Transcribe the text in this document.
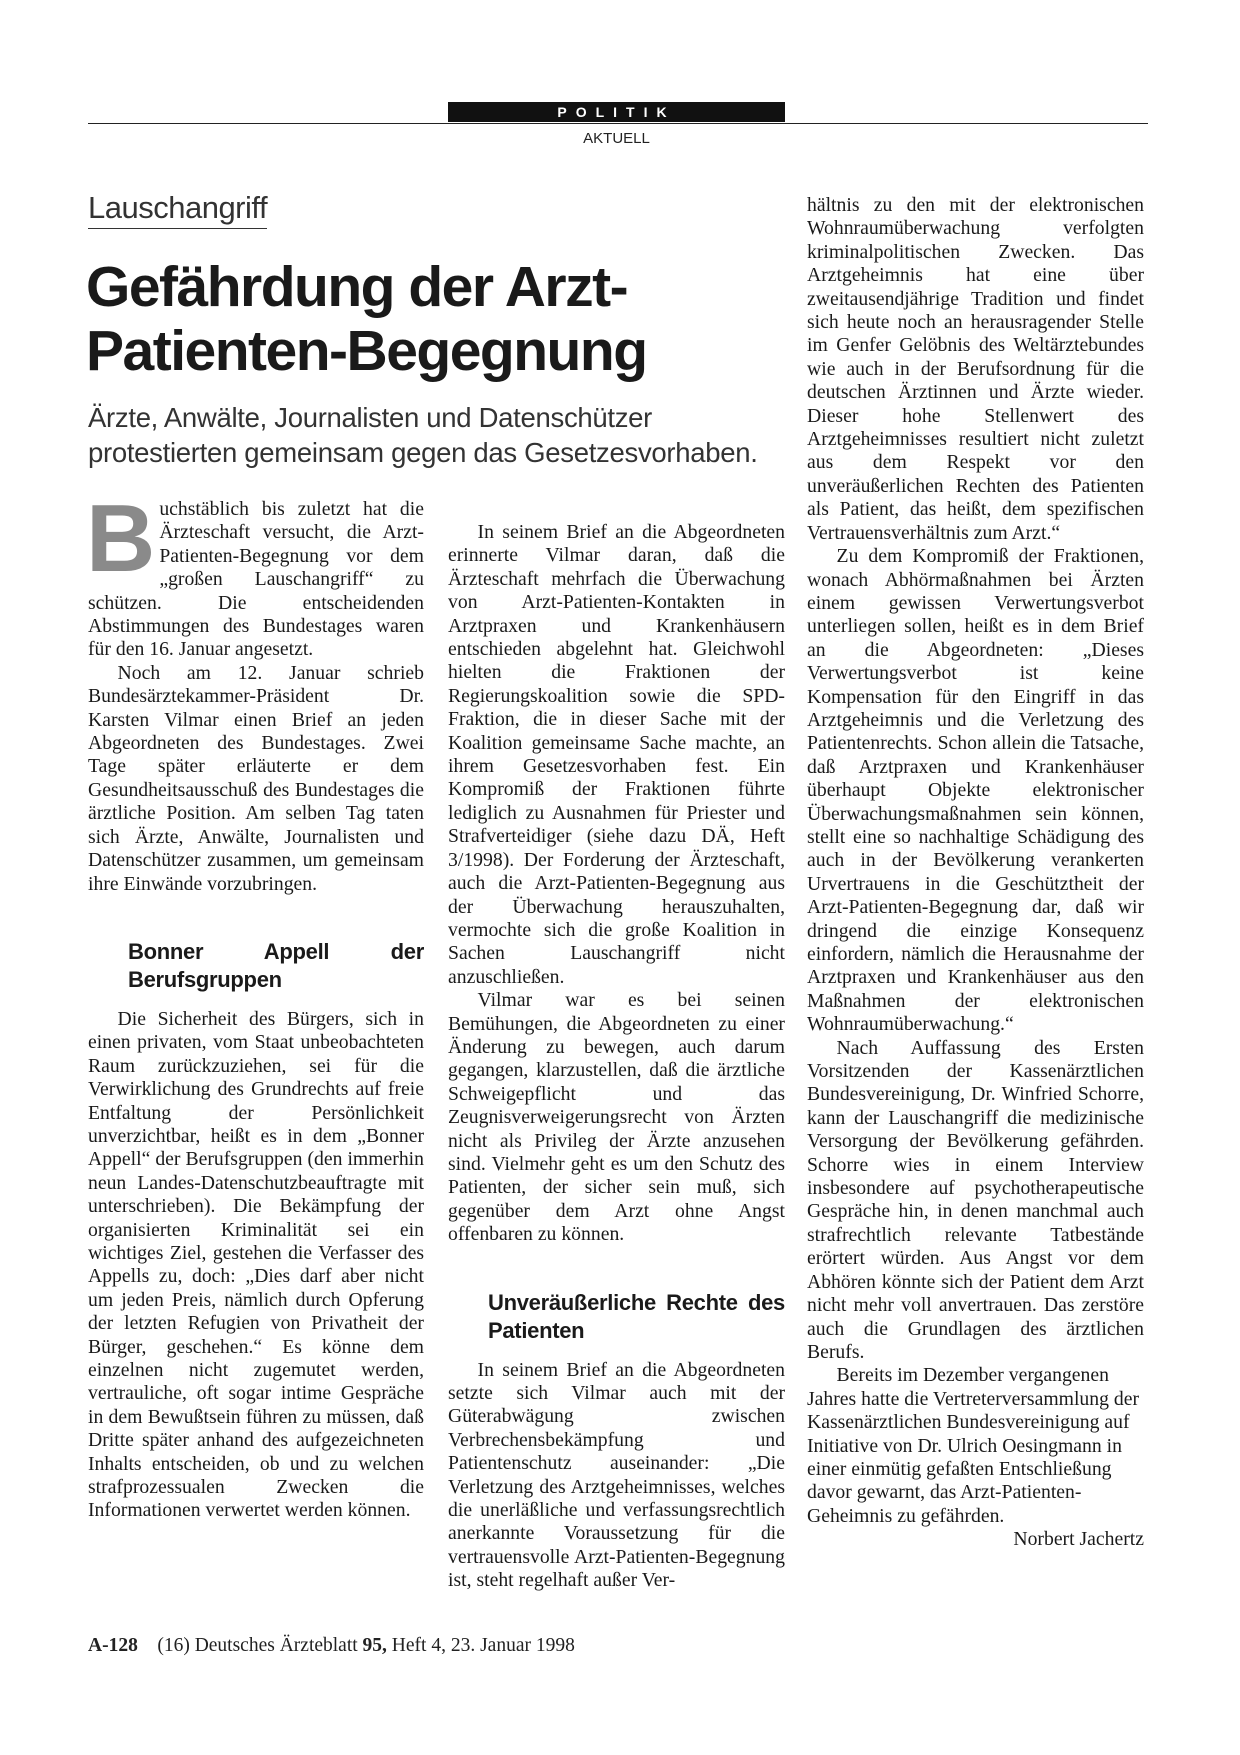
POLITIK
AKTUELL
Lauschangriff
Gefährdung der Arzt-Patienten-Begegnung
Ärzte, Anwälte, Journalisten und Datenschützer protestierten gemeinsam gegen das Gesetzesvorhaben.

Buchstäblich bis zuletzt hat die Ärzteschaft versucht, die Arzt-Patienten-Begegnung vor dem „großen Lauschangriff“ zu schützen. Die entscheidenden Abstimmungen des Bundestages waren für den 16. Januar angesetzt.

Noch am 12. Januar schrieb Bundesärztekammer-Präsident Dr. Karsten Vilmar einen Brief an jeden Abgeordneten des Bundestages. Zwei Tage später erläuterte er dem Gesundheitsausschuß des Bundestages die ärztliche Position. Am selben Tag taten sich Ärzte, Anwälte, Journalisten und Datenschützer zusammen, um gemeinsam ihre Einwände vorzubringen.

Bonner Appell der Berufsgruppen

Die Sicherheit des Bürgers, sich in einen privaten, vom Staat unbeobachteten Raum zurückzuziehen, sei für die Verwirklichung des Grundrechts auf freie Entfaltung der Persönlichkeit unverzichtbar, heißt es in dem „Bonner Appell“ der Berufsgruppen (den immerhin neun Landes-Datenschutzbeauftragte mit unterschrieben). Die Bekämpfung der organisierten Kriminalität sei ein wichtiges Ziel, gestehen die Verfasser des Appells zu, doch: „Dies darf aber nicht um jeden Preis, nämlich durch Opferung der letzten Refugien von Privatheit der Bürger, geschehen.“ Es könne dem einzelnen nicht zugemutet werden, vertrauliche, oft sogar intime Gespräche in dem Bewußtsein führen zu müssen, daß Dritte später anhand des aufgezeichneten Inhalts entscheiden, ob und zu welchen strafprozessualen Zwecken die Informationen verwertet werden können.

In seinem Brief an die Abgeordneten erinnerte Vilmar daran, daß die Ärzteschaft mehrfach die Überwachung von Arzt-Patienten-Kontakten in Arztpraxen und Krankenhäusern entschieden abgelehnt hat. Gleichwohl hielten die Fraktionen der Regierungskoalition sowie die SPD-Fraktion, die in dieser Sache mit der Koalition gemeinsame Sache machte, an ihrem Gesetzesvorhaben fest. Ein Kompromiß der Fraktionen führte lediglich zu Ausnahmen für Priester und Strafverteidiger (siehe dazu DÄ, Heft 3/1998). Der Forderung der Ärzteschaft, auch die Arzt-Patienten-Begegnung aus der Überwachung herauszuhalten, vermochte sich die große Koalition in Sachen Lauschangriff nicht anzuschließen.

Vilmar war es bei seinen Bemühungen, die Abgeordneten zu einer Änderung zu bewegen, auch darum gegangen, klarzustellen, daß die ärztliche Schweigepflicht und das Zeugnisverweigerungsrecht von Ärzten nicht als Privileg der Ärzte anzusehen sind. Vielmehr geht es um den Schutz des Patienten, der sicher sein muß, sich gegenüber dem Arzt ohne Angst offenbaren zu können.

Unveräußerliche Rechte des Patienten

In seinem Brief an die Abgeordneten setzte sich Vilmar auch mit der Güterabwägung zwischen Verbrechensbekämpfung und Patientenschutz auseinander: „Die Verletzung des Arztgeheimnisses, welches die unerläßliche und verfassungsrechtlich anerkannte Voraussetzung für die vertrauensvolle Arzt-Patienten-Begegnung ist, steht regelhaft außer Ver-

hältnis zu den mit der elektronischen Wohnraumüberwachung verfolgten kriminalpolitischen Zwecken. Das Arztgeheimnis hat eine über zweitausendjährige Tradition und findet sich heute noch an herausragender Stelle im Genfer Gelöbnis des Weltärztebundes wie auch in der Berufsordnung für die deutschen Ärztinnen und Ärzte wieder. Dieser hohe Stellenwert des Arztgeheimnisses resultiert nicht zuletzt aus dem Respekt vor den unveräußerlichen Rechten des Patienten als Patient, das heißt, dem spezifischen Vertrauensverhältnis zum Arzt.“

Zu dem Kompromiß der Fraktionen, wonach Abhörmaßnahmen bei Ärzten einem gewissen Verwertungsverbot unterliegen sollen, heißt es in dem Brief an die Abgeordneten: „Dieses Verwertungsverbot ist keine Kompensation für den Eingriff in das Arztgeheimnis und die Verletzung des Patientenrechts. Schon allein die Tatsache, daß Arztpraxen und Krankenhäuser überhaupt Objekte elektronischer Überwachungsmaßnahmen sein können, stellt eine so nachhaltige Schädigung des auch in der Bevölkerung verankerten Urvertrauens in die Geschütztheit der Arzt-Patienten-Begegnung dar, daß wir dringend die einzige Konsequenz einfordern, nämlich die Herausnahme der Arztpraxen und Krankenhäuser aus den Maßnahmen der elektronischen Wohnraumüberwachung.“

Nach Auffassung des Ersten Vorsitzenden der Kassenärztlichen Bundesvereinigung, Dr. Winfried Schorre, kann der Lauschangriff die medizinische Versorgung der Bevölkerung gefährden. Schorre wies in einem Interview insbesondere auf psychotherapeutische Gespräche hin, in denen manchmal auch strafrechtlich relevante Tatbestände erörtert würden. Aus Angst vor dem Abhören könnte sich der Patient dem Arzt nicht mehr voll anvertrauen. Das zerstöre auch die Grundlagen des ärztlichen Berufs.

Bereits im Dezember vergangenen Jahres hatte die Vertreterversammlung der Kassenärztlichen Bundesvereinigung auf Initiative von Dr. Ulrich Oesingmann in einer einmütig gefaßten Entschließung davor gewarnt, das Arzt-Patienten-Geheimnis zu gefährden.
Norbert Jachertz

A-128 (16) Deutsches Ärzteblatt 95, Heft 4, 23. Januar 1998
